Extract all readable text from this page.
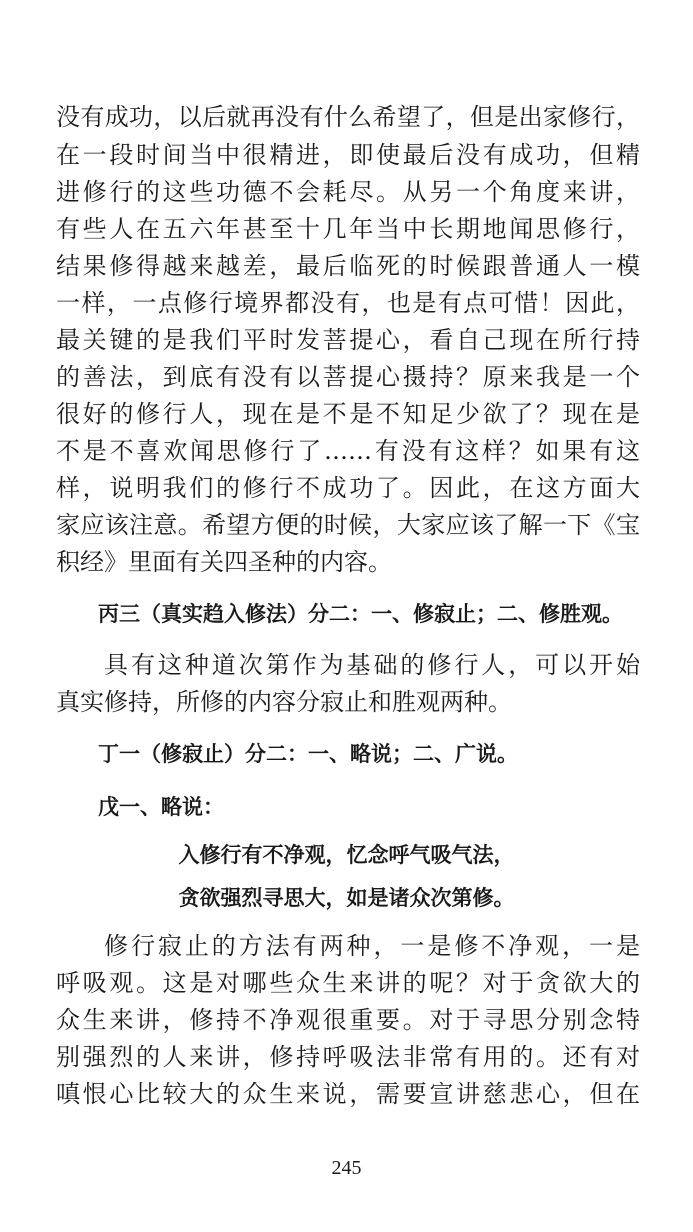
没有成功，以后就再没有什么希望了，但是出家修行，
在一段时间当中很精进，即使最后没有成功，但精
进修行的这些功德不会耗尽。从另一个角度来讲，
有些人在五六年甚至十几年当中长期地闻思修行，
结果修得越来越差，最后临死的时候跟普通人一模
一样，一点修行境界都没有，也是有点可惜！因此，
最关键的是我们平时发菩提心，看自己现在所行持
的善法，到底有没有以菩提心摄持？原来我是一个
很好的修行人，现在是不是不知足少欲了？现在是
不是不喜欢闻思修行了……有没有这样？如果有这
样，说明我们的修行不成功了。因此，在这方面大
家应该注意。希望方便的时候，大家应该了解一下《宝
积经》里面有关四圣种的内容。
丙三（真实趋入修法）分二：一、修寂止；二、修胜观。
具有这种道次第作为基础的修行人，可以开始
真实修持，所修的内容分寂止和胜观两种。
丁一（修寂止）分二：一、略说；二、广说。
戊一、略说：
入修行有不净观，忆念呼气吸气法，
贪欲强烈寻思大，如是诸众次第修。
修行寂止的方法有两种，一是修不净观，一是
呼吸观。这是对哪些众生来讲的呢？对于贪欲大的
众生来讲，修持不净观很重要。对于寻思分别念特
别强烈的人来讲，修持呼吸法非常有用的。还有对
嗔恨心比较大的众生来说，需要宣讲慈悲心，但在
245
